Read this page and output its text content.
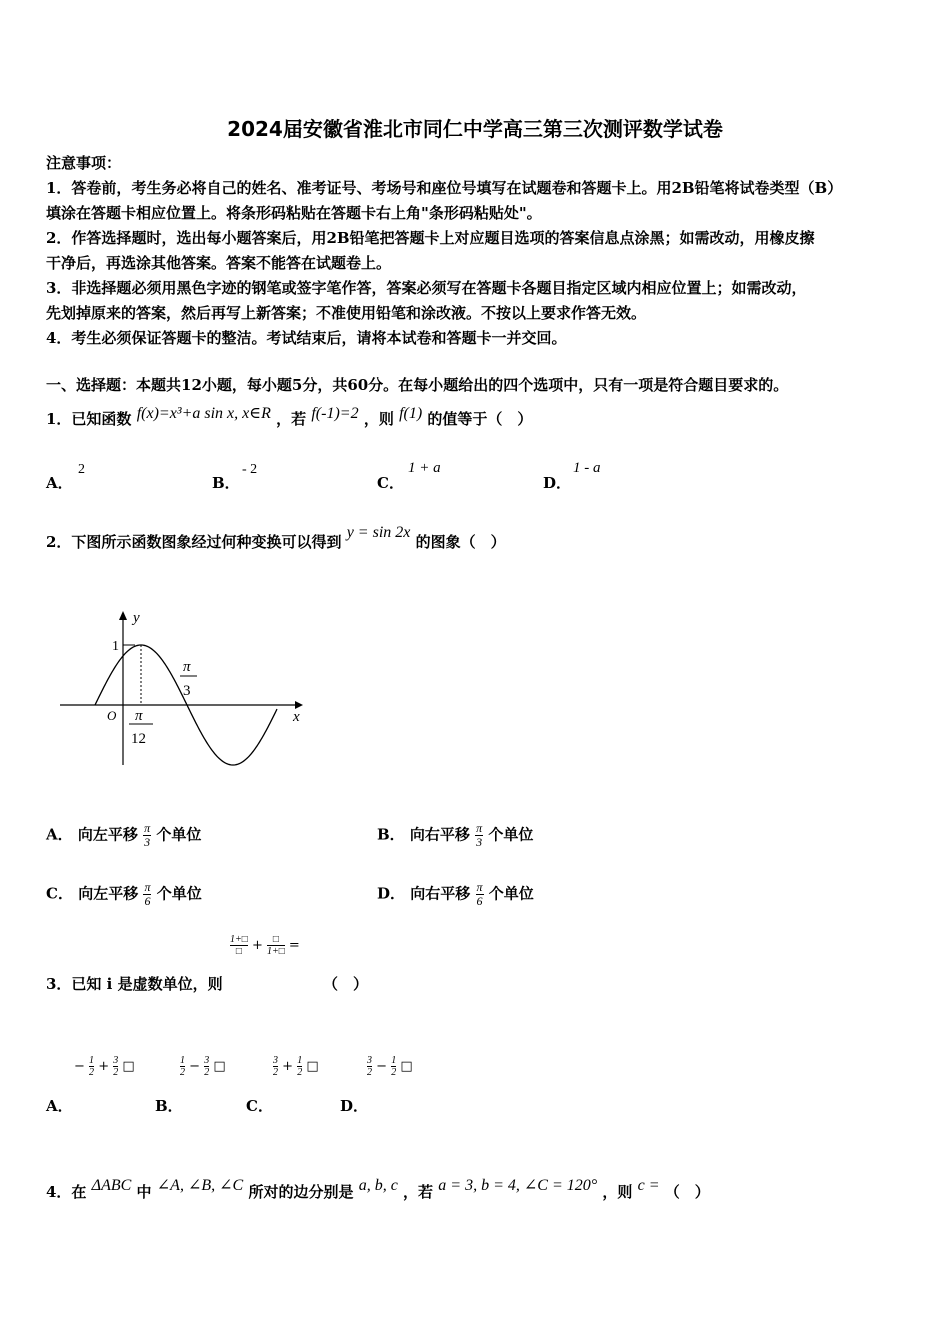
2024届安徽省淮北市同仁中学高三第三次测评数学试卷
注意事项：
1．答卷前，考生务必将自己的姓名、准考证号、考场号和座位号填写在试题卷和答题卡上。用2B铅笔将试卷类型（B）
填涂在答题卡相应位置上。将条形码粘贴在答题卡右上角"条形码粘贴处"。
2．作答选择题时，选出每小题答案后，用2B铅笔把答题卡上对应题目选项的答案信息点涂黑；如需改动，用橡皮擦
干净后，再选涂其他答案。答案不能答在试题卷上。
3．非选择题必须用黑色字迹的钢笔或签字笔作答，答案必须写在答题卡各题目指定区域内相应位置上；如需改动，
先划掉原来的答案，然后再写上新答案；不准使用铅笔和涂改液。不按以上要求作答无效。
4．考生必须保证答题卡的整洁。考试结束后，请将本试卷和答题卡一并交回。
一、选择题：本题共12小题，每小题5分，共60分。在每小题给出的四个选项中，只有一项是符合题目要求的。
1．已知函数 f(x)=x³+a sin x, x∈R ，若 f(-1)=2 ，则 f(1) 的值等于（　）
A．
2
B．
- 2
C．
1 + a
D．
1 - a
2．下图所示函数图象经过何种变换可以得到 y = sin 2x 的图象（　）
y
x
O
1
π
12
π
3
A． 向左平移 $\frac{\pi}{3}$ 个单位	B． 向右平移 $\frac{\pi}{3}$ 个单位
C． 向左平移 $\frac{\pi}{6}$ 个单位	D． 向右平移 $\frac{\pi}{6}$ 个单位
1+□
□ +	□
1+□ =
3．已知 i 是虚数单位，则	（　）
− $\frac{1}{2} + \frac{3}{2}$ □	$\frac{1}{2} - \frac{3}{2}$ □	$\frac{3}{2} + \frac{1}{2}$ □	$\frac{3}{2} - \frac{1}{2}$ □
A．	B．	C．	D．
4．在 ΔABC 中 ∠A, ∠B, ∠C 所对的边分别是 a, b, c ，若 a = 3, b = 4, ∠C = 120° ，则 c = （　）
